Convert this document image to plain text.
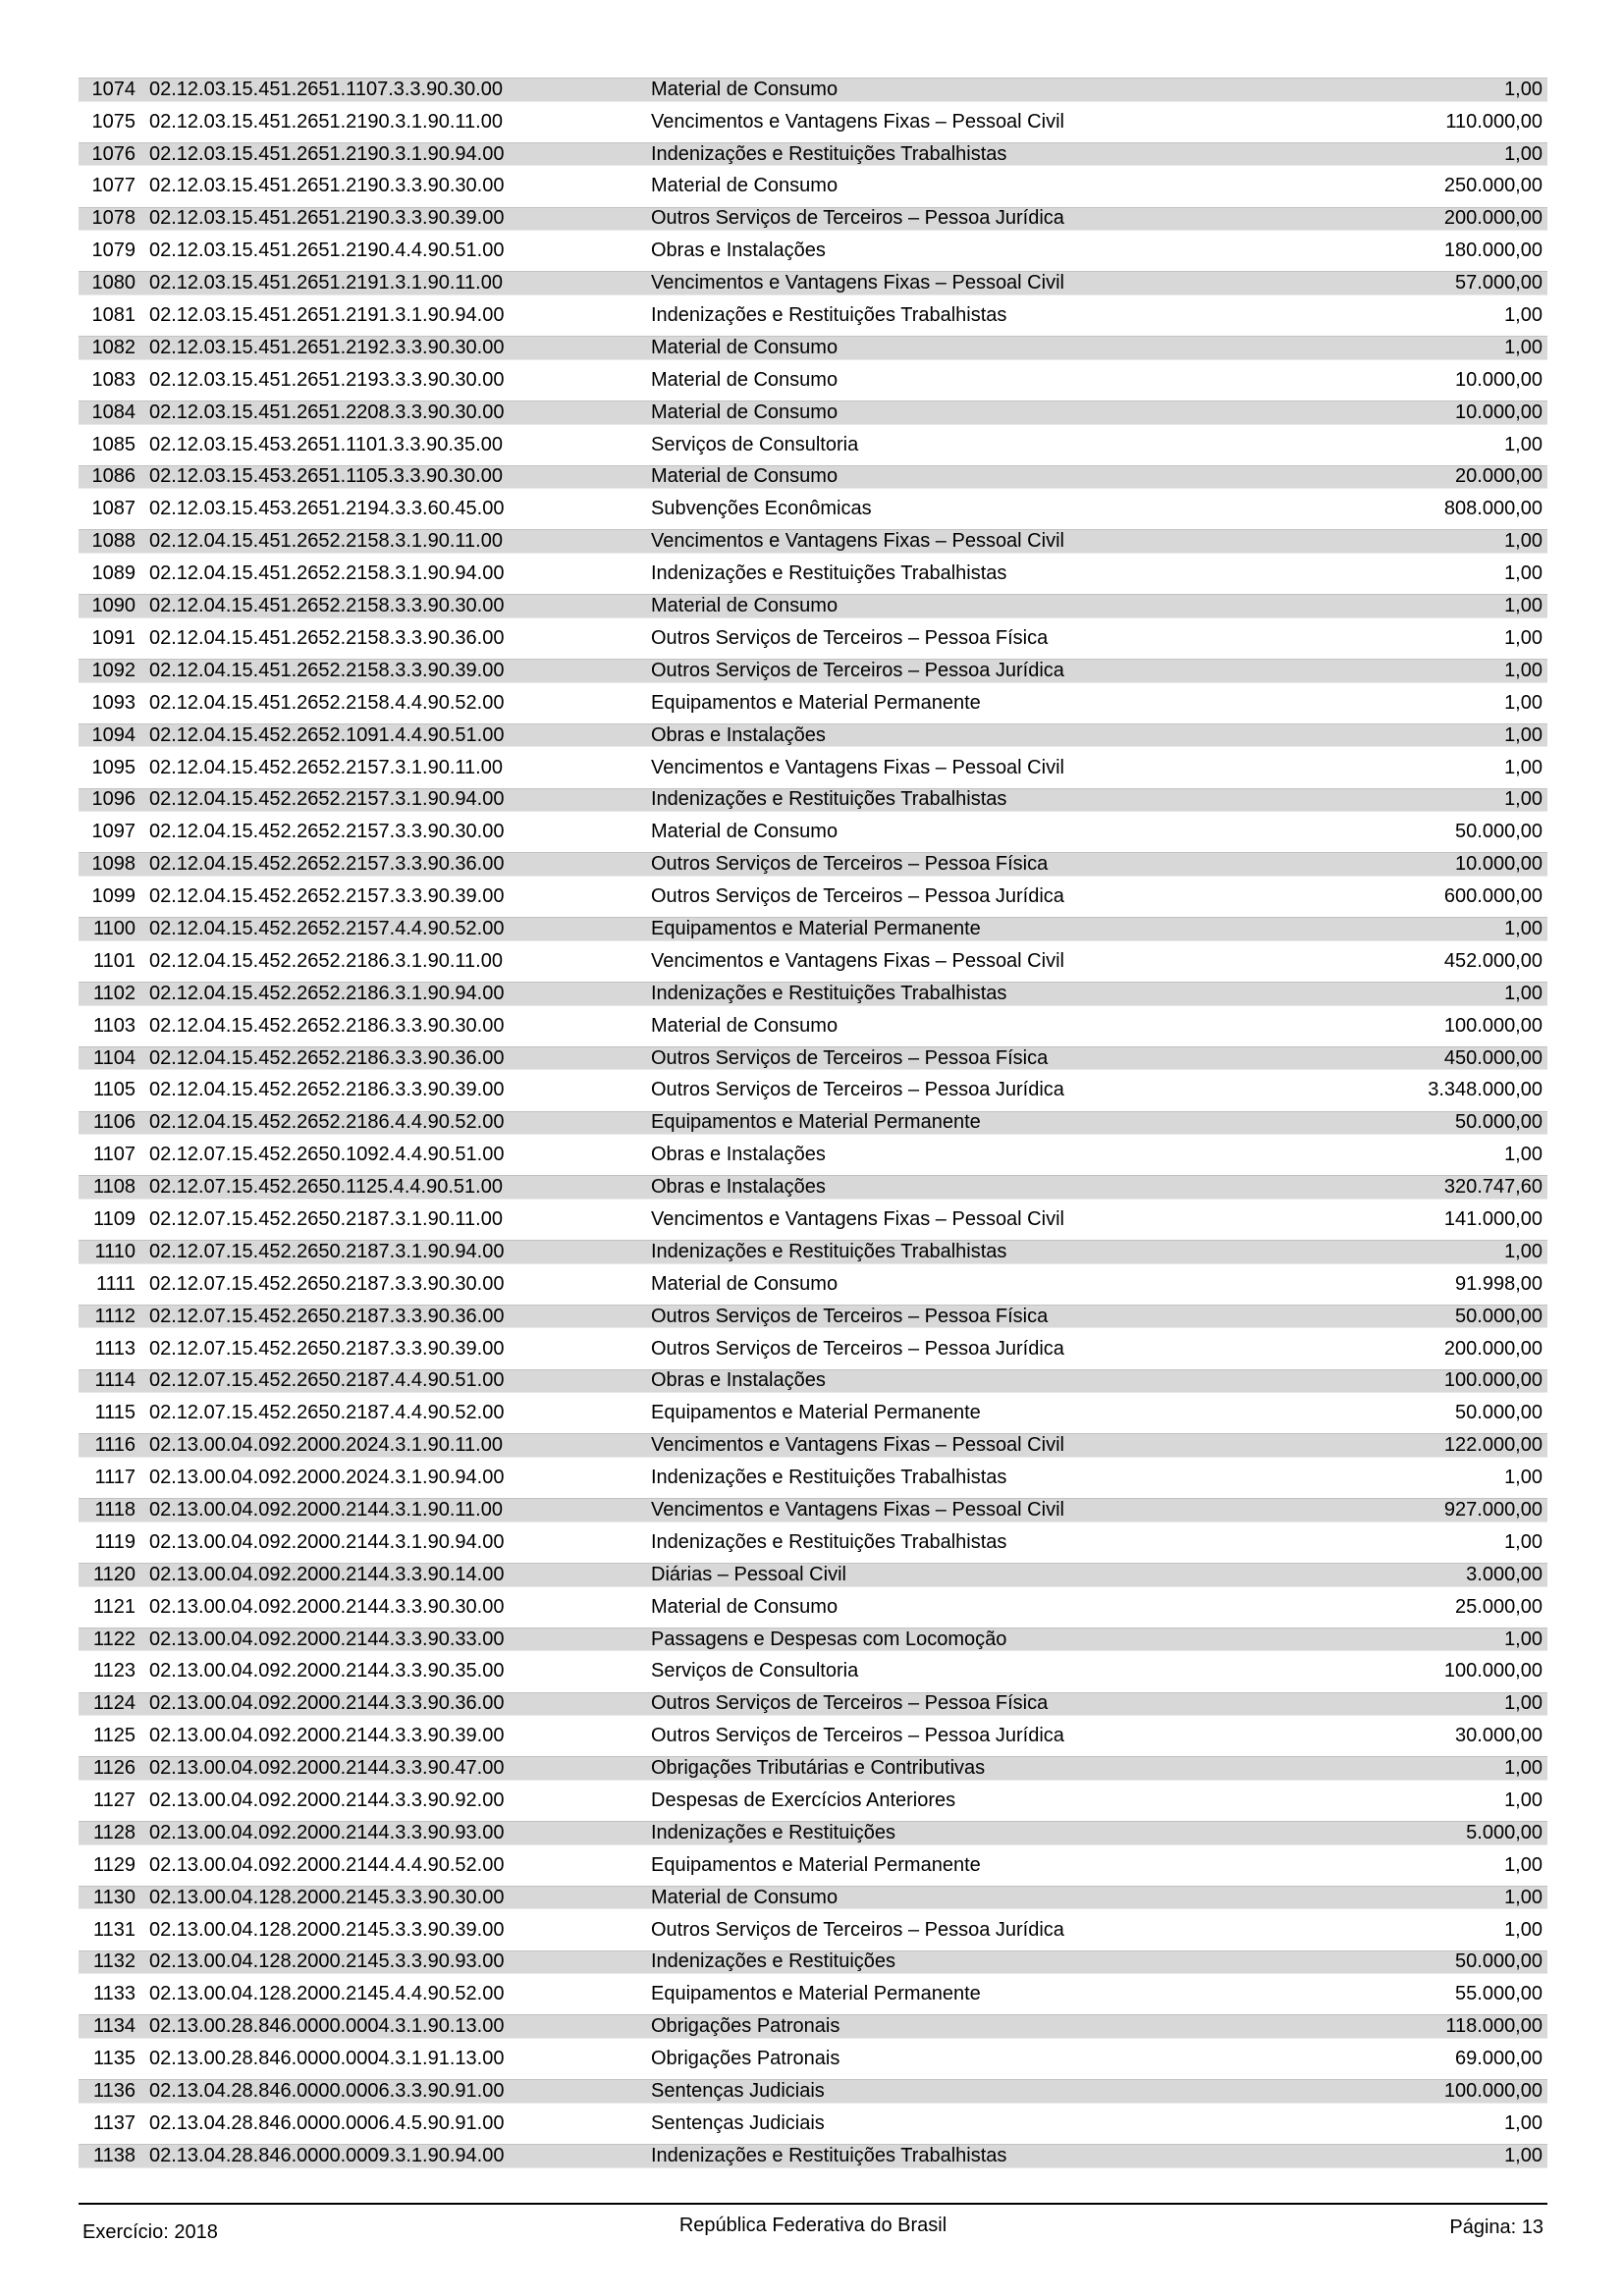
1074 02.12.03.15.451.2651.1107.3.3.90.30.00	Material de Consumo	1,00
1075 02.12.03.15.451.2651.2190.3.1.90.11.00	Vencimentos e Vantagens Fixas – Pessoal Civil	110.000,00
1076 02.12.03.15.451.2651.2190.3.1.90.94.00	Indenizações e Restituições Trabalhistas	1,00
1077 02.12.03.15.451.2651.2190.3.3.90.30.00	Material de Consumo	250.000,00
1078 02.12.03.15.451.2651.2190.3.3.90.39.00	Outros Serviços de Terceiros – Pessoa Jurídica	200.000,00
1079 02.12.03.15.451.2651.2190.4.4.90.51.00	Obras e Instalações	180.000,00
1080 02.12.03.15.451.2651.2191.3.1.90.11.00	Vencimentos e Vantagens Fixas – Pessoal Civil	57.000,00
1081 02.12.03.15.451.2651.2191.3.1.90.94.00	Indenizações e Restituições Trabalhistas	1,00
1082 02.12.03.15.451.2651.2192.3.3.90.30.00	Material de Consumo	1,00
1083 02.12.03.15.451.2651.2193.3.3.90.30.00	Material de Consumo	10.000,00
1084 02.12.03.15.451.2651.2208.3.3.90.30.00	Material de Consumo	10.000,00
1085 02.12.03.15.453.2651.1101.3.3.90.35.00	Serviços de Consultoria	1,00
1086 02.12.03.15.453.2651.1105.3.3.90.30.00	Material de Consumo	20.000,00
1087 02.12.03.15.453.2651.2194.3.3.60.45.00	Subvenções Econômicas	808.000,00
1088 02.12.04.15.451.2652.2158.3.1.90.11.00	Vencimentos e Vantagens Fixas – Pessoal Civil	1,00
1089 02.12.04.15.451.2652.2158.3.1.90.94.00	Indenizações e Restituições Trabalhistas	1,00
1090 02.12.04.15.451.2652.2158.3.3.90.30.00	Material de Consumo	1,00
1091 02.12.04.15.451.2652.2158.3.3.90.36.00	Outros Serviços de Terceiros – Pessoa Física	1,00
1092 02.12.04.15.451.2652.2158.3.3.90.39.00	Outros Serviços de Terceiros – Pessoa Jurídica	1,00
1093 02.12.04.15.451.2652.2158.4.4.90.52.00	Equipamentos e Material Permanente	1,00
1094 02.12.04.15.452.2652.1091.4.4.90.51.00	Obras e Instalações	1,00
1095 02.12.04.15.452.2652.2157.3.1.90.11.00	Vencimentos e Vantagens Fixas – Pessoal Civil	1,00
1096 02.12.04.15.452.2652.2157.3.1.90.94.00	Indenizações e Restituições Trabalhistas	1,00
1097 02.12.04.15.452.2652.2157.3.3.90.30.00	Material de Consumo	50.000,00
1098 02.12.04.15.452.2652.2157.3.3.90.36.00	Outros Serviços de Terceiros – Pessoa Física	10.000,00
1099 02.12.04.15.452.2652.2157.3.3.90.39.00	Outros Serviços de Terceiros – Pessoa Jurídica	600.000,00
1100 02.12.04.15.452.2652.2157.4.4.90.52.00	Equipamentos e Material Permanente	1,00
1101 02.12.04.15.452.2652.2186.3.1.90.11.00	Vencimentos e Vantagens Fixas – Pessoal Civil	452.000,00
1102 02.12.04.15.452.2652.2186.3.1.90.94.00	Indenizações e Restituições Trabalhistas	1,00
1103 02.12.04.15.452.2652.2186.3.3.90.30.00	Material de Consumo	100.000,00
1104 02.12.04.15.452.2652.2186.3.3.90.36.00	Outros Serviços de Terceiros – Pessoa Física	450.000,00
1105 02.12.04.15.452.2652.2186.3.3.90.39.00	Outros Serviços de Terceiros – Pessoa Jurídica	3.348.000,00
1106 02.12.04.15.452.2652.2186.4.4.90.52.00	Equipamentos e Material Permanente	50.000,00
1107 02.12.07.15.452.2650.1092.4.4.90.51.00	Obras e Instalações	1,00
1108 02.12.07.15.452.2650.1125.4.4.90.51.00	Obras e Instalações	320.747,60
1109 02.12.07.15.452.2650.2187.3.1.90.11.00	Vencimentos e Vantagens Fixas – Pessoal Civil	141.000,00
1110 02.12.07.15.452.2650.2187.3.1.90.94.00	Indenizações e Restituições Trabalhistas	1,00
1111 02.12.07.15.452.2650.2187.3.3.90.30.00	Material de Consumo	91.998,00
1112 02.12.07.15.452.2650.2187.3.3.90.36.00	Outros Serviços de Terceiros – Pessoa Física	50.000,00
1113 02.12.07.15.452.2650.2187.3.3.90.39.00	Outros Serviços de Terceiros – Pessoa Jurídica	200.000,00
1114 02.12.07.15.452.2650.2187.4.4.90.51.00	Obras e Instalações	100.000,00
1115 02.12.07.15.452.2650.2187.4.4.90.52.00	Equipamentos e Material Permanente	50.000,00
1116 02.13.00.04.092.2000.2024.3.1.90.11.00	Vencimentos e Vantagens Fixas – Pessoal Civil	122.000,00
1117 02.13.00.04.092.2000.2024.3.1.90.94.00	Indenizações e Restituições Trabalhistas	1,00
1118 02.13.00.04.092.2000.2144.3.1.90.11.00	Vencimentos e Vantagens Fixas – Pessoal Civil	927.000,00
1119 02.13.00.04.092.2000.2144.3.1.90.94.00	Indenizações e Restituições Trabalhistas	1,00
1120 02.13.00.04.092.2000.2144.3.3.90.14.00	Diárias – Pessoal Civil	3.000,00
1121 02.13.00.04.092.2000.2144.3.3.90.30.00	Material de Consumo	25.000,00
1122 02.13.00.04.092.2000.2144.3.3.90.33.00	Passagens e Despesas com Locomoção	1,00
1123 02.13.00.04.092.2000.2144.3.3.90.35.00	Serviços de Consultoria	100.000,00
1124 02.13.00.04.092.2000.2144.3.3.90.36.00	Outros Serviços de Terceiros – Pessoa Física	1,00
1125 02.13.00.04.092.2000.2144.3.3.90.39.00	Outros Serviços de Terceiros – Pessoa Jurídica	30.000,00
1126 02.13.00.04.092.2000.2144.3.3.90.47.00	Obrigações Tributárias e Contributivas	1,00
1127 02.13.00.04.092.2000.2144.3.3.90.92.00	Despesas de Exercícios Anteriores	1,00
1128 02.13.00.04.092.2000.2144.3.3.90.93.00	Indenizações e Restituições	5.000,00
1129 02.13.00.04.092.2000.2144.4.4.90.52.00	Equipamentos e Material Permanente	1,00
1130 02.13.00.04.128.2000.2145.3.3.90.30.00	Material de Consumo	1,00
1131 02.13.00.04.128.2000.2145.3.3.90.39.00	Outros Serviços de Terceiros – Pessoa Jurídica	1,00
1132 02.13.00.04.128.2000.2145.3.3.90.93.00	Indenizações e Restituições	50.000,00
1133 02.13.00.04.128.2000.2145.4.4.90.52.00	Equipamentos e Material Permanente	55.000,00
1134 02.13.00.28.846.0000.0004.3.1.90.13.00	Obrigações Patronais	118.000,00
1135 02.13.00.28.846.0000.0004.3.1.91.13.00	Obrigações Patronais	69.000,00
1136 02.13.04.28.846.0000.0006.3.3.90.91.00	Sentenças Judiciais	100.000,00
1137 02.13.04.28.846.0000.0006.4.5.90.91.00	Sentenças Judiciais	1,00
1138 02.13.04.28.846.0000.0009.3.1.90.94.00	Indenizações e Restituições Trabalhistas	1,00
Exercício: 2018	República Federativa do Brasil	Página: 13
